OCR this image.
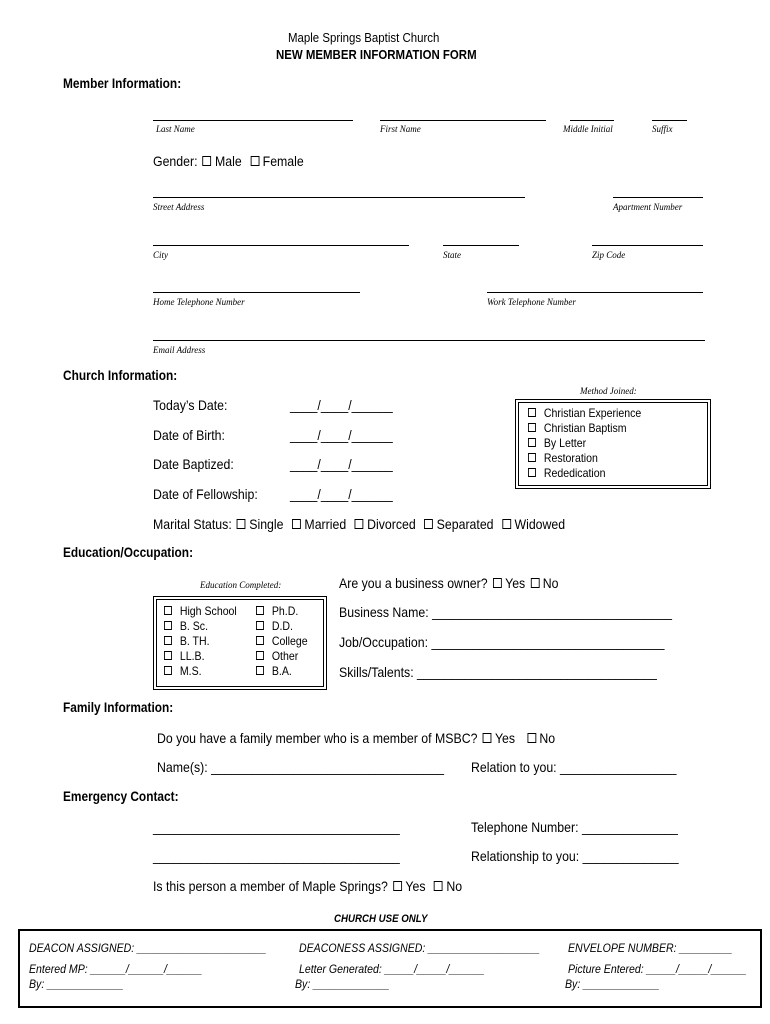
Maple Springs Baptist Church
NEW MEMBER INFORMATION FORM
Member Information:
Last Name	First Name	Middle Initial	Suffix
Gender: Male Female
Street Address	Apartment Number
City	State	Zip Code
Home Telephone Number	Work Telephone Number
Email Address
Church Information:
Method Joined:
Today’s Date:	____/____/______
Date of Birth:	____/____/______
Date Baptized:	____/____/______
Date of Fellowship: ____/____/______
Christian Experience
Christian Baptism
By Letter
Restoration
Rededication
Marital Status: Single Married Divorced Separated Widowed
Education/Occupation:
Education Completed:
High School
B. Sc.
B. TH.
LL.B.
M.S.
Ph.D.
D.D.
College
Other
B.A.
Are you a business owner? Yes No
Business Name: ___________________________________
Job/Occupation: __________________________________
Skills/Talents: ___________________________________
Family Information:
Do you have a family member who is a member of MSBC? Yes No
Name(s): __________________________________ Relation to you: _________________
Emergency Contact:
____________________________________	Telephone Number: ______________
____________________________________	Relationship to you: ______________
Is this person a member of Maple Springs? Yes No
CHURCH USE ONLY
DEACON ASSIGNED: ______________________	DEACONESS ASSIGNED: ___________________ ENVELOPE NUMBER: _________
Entered MP: ______/______/______	Letter Generated: _____/_____/______	Picture Entered: _____/_____/______
By: _____________	By: _____________	By: _____________
